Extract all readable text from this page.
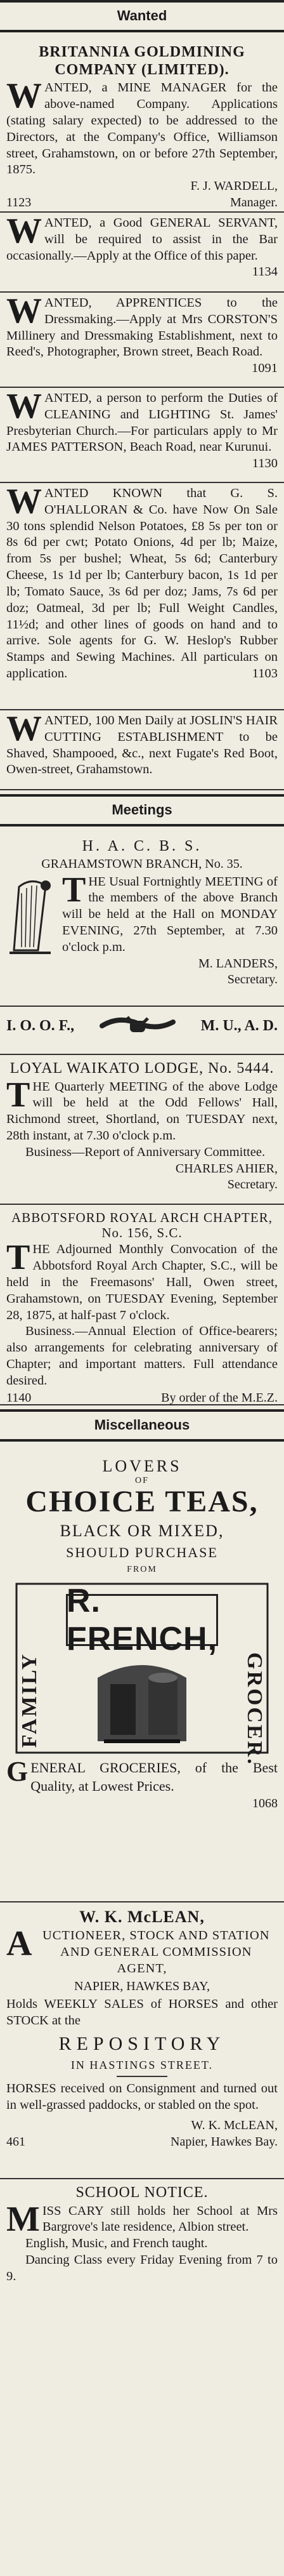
Wanted
BRITANNIA GOLDMINING COMPANY (LIMITED).

WANTED, a MINE MANAGER for the above-named Company. Applications (stating salary expected) to be addressed to the Directors, at the Company's Office, Williamson street, Grahamstown, on or before 27th September, 1875.

F. J. WARDELL,
1123	Manager.

WANTED, a Good GENERAL SERVANT, will be required to assist in the Bar occasionally.—Apply at the Office of this paper.
1134

WANTED, APPRENTICES to the Dressmaking.—Apply at Mrs CORSTON'S Millinery and Dressmaking Establishment, next to Reed's, Photographer, Brown street, Beach Road.
1091

WANTED, a person to perform the Duties of CLEANING and LIGHTING St. James' Presbyterian Church.—For particulars apply to Mr JAMES PATTERSON, Beach Road, near Kurunui.
1130

WANTED KNOWN that G. S. O'HALLORAN & Co. have Now On Sale 30 tons splendid Nelson Potatoes, £8 5s per ton or 8s 6d per cwt; Potato Onions, 4d per lb; Maize, from 5s per bushel; Wheat, 5s 6d; Canterbury Cheese, 1s 1d per lb; Canterbury bacon, 1s 1d per lb; Tomato Sauce, 3s 6d per doz; Jams, 7s 6d per doz; Oatmeal, 3d per lb; Full Weight Candles, 11½d; and other lines of goods on hand and to arrive. Sole agents for G. W. Heslop's Rubber Stamps and Sewing Machines. All particulars on application.	1103

WANTED, 100 Men Daily at JOSLIN'S HAIR CUTTING ESTABLISHMENT to be Shaved, Shampooed, &c., next Fugate's Red Boot, Owen-street, Grahamstown.

Meetings
H. A. C. B. S.
GRAHAMSTOWN BRANCH, No. 35.

THE Usual Fortnightly MEETING of the members of the above Branch will be held at the Hall on MONDAY EVENING, 27th September, at 7.30 o'clock p.m.

M. LANDERS,
Secretary.
I. O. O. F.,	M. U., A. D.
LOYAL WAIKATO LODGE, No. 5444.

THE Quarterly MEETING of the above Lodge will be held at the Odd Fellows' Hall, Richmond street, Shortland, on TUESDAY next, 28th instant, at 7.30 o'clock p.m.

Business—Report of Anniversary Committee.

CHARLES AHIER,
Secretary.
ABBOTSFORD ROYAL ARCH CHAPTER, No. 156, S.C.

THE Adjourned Monthly Convocation of the Abbotsford Royal Arch Chapter, S.C., will be held in the Freemasons' Hall, Owen street, Grahamstown, on TUESDAY Evening, September 28, 1875, at half-past 7 o'clock.

Business.—Annual Election of Office-bearers; also arrangements for celebrating anniversary of Chapter; and important matters. Full attendance desired.

1140	By order of the M.E.Z.
Miscellaneous
LOVERS
OF
CHOICE TEAS,
BLACK OR MIXED,
SHOULD PURCHASE
FROM
R. FRENCH,
FAMILY	GROCER.

GENERAL GROCERIES, of the Best Quality, at Lowest Prices.

1068
W. K. McLEAN,

AUCTIONEER, STOCK AND STATION AND GENERAL COMMISSION AGENT,

NAPIER, HAWKES BAY,

Holds WEEKLY SALES of HORSES and other STOCK at the

REPOSITORY
IN HASTINGS STREET.

HORSES received on Consignment and turned out in well-grassed paddocks, or stabled on the spot.

W. K. McLEAN,
461	Napier, Hawkes Bay.
SCHOOL NOTICE.

MISS CARY still holds her School at Mrs Bargrove's late residence, Albion street.

English, Music, and French taught.

Dancing Class every Friday Evening from 7 to 9.
